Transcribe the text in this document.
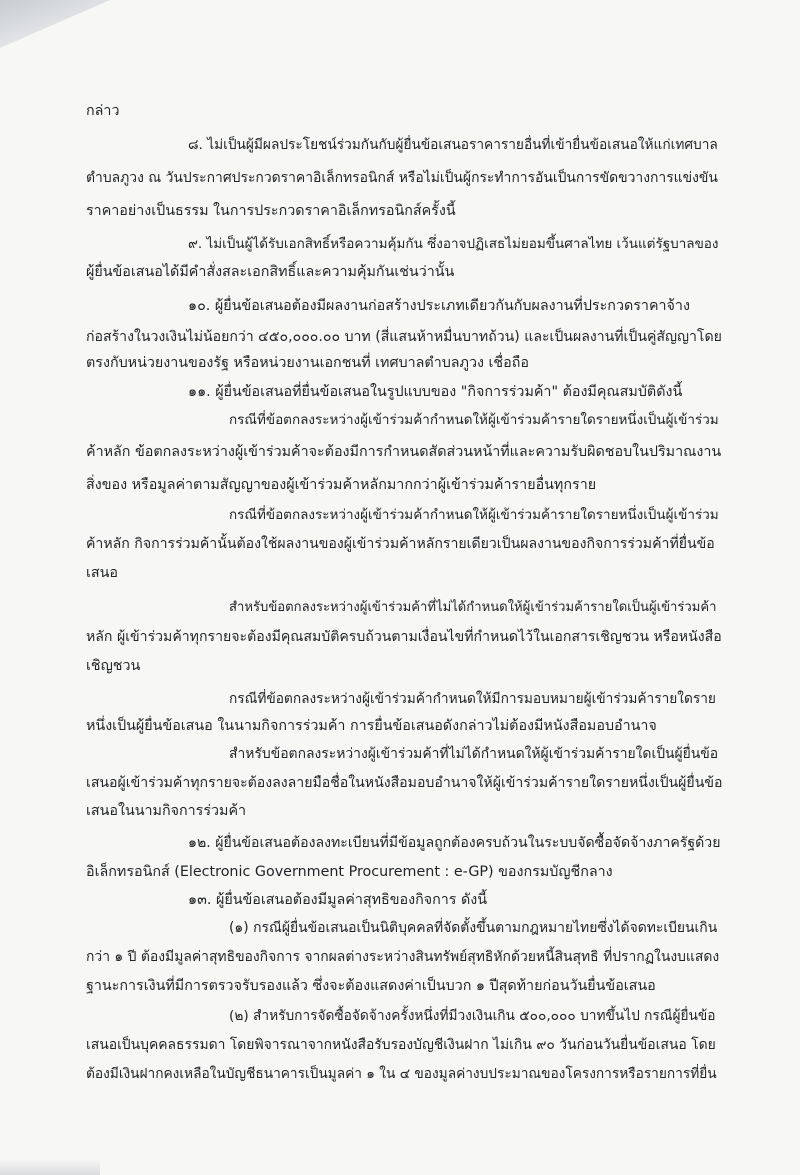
กล่าว
๘. ไม่เป็นผู้มีผลประโยชน์ร่วมกันกับผู้ยื่นข้อเสนอราคารายอื่นที่เข้ายื่นข้อเสนอให้แก่เทศบาล
ตำบลภูวง ณ วันประกาศประกวดราคาอิเล็กทรอนิกส์ หรือไม่เป็นผู้กระทำการอันเป็นการขัดขวางการแข่งขัน
ราคาอย่างเป็นธรรม ในการประกวดราคาอิเล็กทรอนิกส์ครั้งนี้
๙. ไม่เป็นผู้ได้รับเอกสิทธิ์หรือความคุ้มกัน ซึ่งอาจปฏิเสธไม่ยอมขึ้นศาลไทย เว้นแต่รัฐบาลของ
ผู้ยื่นข้อเสนอได้มีคำสั่งสละเอกสิทธิ์และความคุ้มกันเช่นว่านั้น
๑๐. ผู้ยื่นข้อเสนอต้องมีผลงานก่อสร้างประเภทเดียวกันกับผลงานที่ประกวดราคาจ้าง
ก่อสร้างในวงเงินไม่น้อยกว่า ๔๕๐,๐๐๐.๐๐ บาท (สี่แสนห้าหมื่นบาทถ้วน) และเป็นผลงานที่เป็นคู่สัญญาโดย
ตรงกับหน่วยงานของรัฐ หรือหน่วยงานเอกชนที่ เทศบาลตำบลภูวง เชื่อถือ
๑๑. ผู้ยื่นข้อเสนอที่ยื่นข้อเสนอในรูปแบบของ "กิจการร่วมค้า" ต้องมีคุณสมบัติดังนี้
กรณีที่ข้อตกลงระหว่างผู้เข้าร่วมค้ากำหนดให้ผู้เข้าร่วมค้ารายใดรายหนึ่งเป็นผู้เข้าร่วม
ค้าหลัก ข้อตกลงระหว่างผู้เข้าร่วมค้าจะต้องมีการกำหนดสัดส่วนหน้าที่และความรับผิดชอบในปริมาณงาน
สิ่งของ หรือมูลค่าตามสัญญาของผู้เข้าร่วมค้าหลักมากกว่าผู้เข้าร่วมค้ารายอื่นทุกราย
กรณีที่ข้อตกลงระหว่างผู้เข้าร่วมค้ากำหนดให้ผู้เข้าร่วมค้ารายใดรายหนึ่งเป็นผู้เข้าร่วม
ค้าหลัก กิจการร่วมค้านั้นต้องใช้ผลงานของผู้เข้าร่วมค้าหลักรายเดียวเป็นผลงานของกิจการร่วมค้าที่ยื่นข้อ
เสนอ
สำหรับข้อตกลงระหว่างผู้เข้าร่วมค้าที่ไม่ได้กำหนดให้ผู้เข้าร่วมค้ารายใดเป็นผู้เข้าร่วมค้า
หลัก ผู้เข้าร่วมค้าทุกรายจะต้องมีคุณสมบัติครบถ้วนตามเงื่อนไขที่กำหนดไว้ในเอกสารเชิญชวน หรือหนังสือ
เชิญชวน
กรณีที่ข้อตกลงระหว่างผู้เข้าร่วมค้ากำหนดให้มีการมอบหมายผู้เข้าร่วมค้ารายใดราย
หนึ่งเป็นผู้ยื่นข้อเสนอ ในนามกิจการร่วมค้า การยื่นข้อเสนอดังกล่าวไม่ต้องมีหนังสือมอบอำนาจ
สำหรับข้อตกลงระหว่างผู้เข้าร่วมค้าที่ไม่ได้กำหนดให้ผู้เข้าร่วมค้ารายใดเป็นผู้ยื่นข้อ
เสนอผู้เข้าร่วมค้าทุกรายจะต้องลงลายมือชื่อในหนังสือมอบอำนาจให้ผู้เข้าร่วมค้ารายใดรายหนึ่งเป็นผู้ยื่นข้อ
เสนอในนามกิจการร่วมค้า
๑๒. ผู้ยื่นข้อเสนอต้องลงทะเบียนที่มีข้อมูลถูกต้องครบถ้วนในระบบจัดซื้อจัดจ้างภาครัฐด้วย
อิเล็กทรอนิกส์ (Electronic Government Procurement : e-GP) ของกรมบัญชีกลาง
๑๓. ผู้ยื่นข้อเสนอต้องมีมูลค่าสุทธิของกิจการ ดังนี้
(๑) กรณีผู้ยื่นข้อเสนอเป็นนิติบุคคลที่จัดตั้งขึ้นตามกฎหมายไทยซึ่งได้จดทะเบียนเกิน
กว่า ๑ ปี ต้องมีมูลค่าสุทธิของกิจการ จากผลต่างระหว่างสินทรัพย์สุทธิหักด้วยหนี้สินสุทธิ ที่ปรากฏในงบแสดง
ฐานะการเงินที่มีการตรวจรับรองแล้ว ซึ่งจะต้องแสดงค่าเป็นบวก ๑ ปีสุดท้ายก่อนวันยื่นข้อเสนอ
(๒) สำหรับการจัดซื้อจัดจ้างครั้งหนึ่งที่มีวงเงินเกิน ๕๐๐,๐๐๐ บาทขึ้นไป กรณีผู้ยื่นข้อ
เสนอเป็นบุคคลธรรมดา โดยพิจารณาจากหนังสือรับรองบัญชีเงินฝาก ไม่เกิน ๙๐ วันก่อนวันยื่นข้อเสนอ โดย
ต้องมีเงินฝากคงเหลือในบัญชีธนาคารเป็นมูลค่า ๑ ใน ๔ ของมูลค่างบประมาณของโครงการหรือรายการที่ยื่น
